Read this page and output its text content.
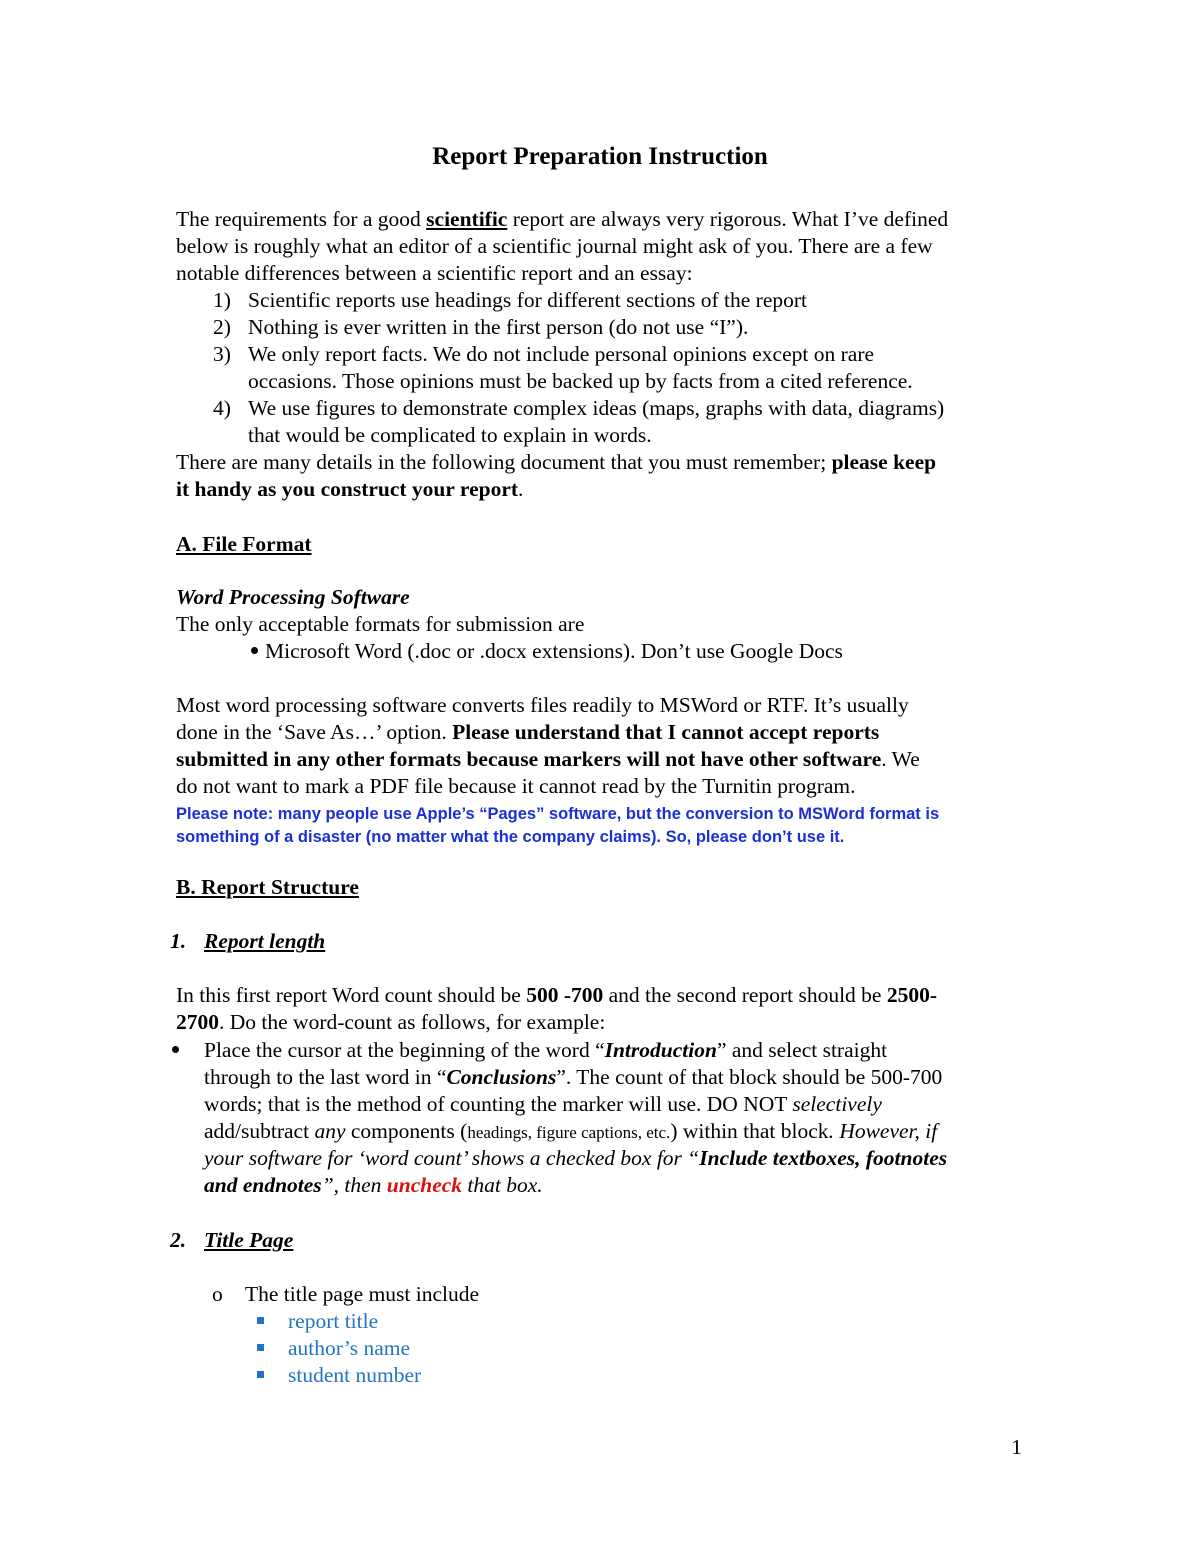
Report Preparation Instruction
The requirements for a good scientific report are always very rigorous. What I’ve defined
below is roughly what an editor of a scientific journal might ask of you. There are a few
notable differences between a scientific report and an essay:
1) Scientific reports use headings for different sections of the report
2) Nothing is ever written in the first person (do not use “I”).
3) We only report facts. We do not include personal opinions except on rare
occasions. Those opinions must be backed up by facts from a cited reference.
4) We use figures to demonstrate complex ideas (maps, graphs with data, diagrams)
that would be complicated to explain in words.
There are many details in the following document that you must remember; please keep
it handy as you construct your report.
A. File Format
Word Processing Software
The only acceptable formats for submission are
Microsoft Word (.doc or .docx extensions). Don’t use Google Docs
Most word processing software converts files readily to MSWord or RTF. It’s usually
done in the ‘Save As…’ option. Please understand that I cannot accept reports
submitted in any other formats because markers will not have other software. We
do not want to mark a PDF file because it cannot read by the Turnitin program.
Please note: many people use Apple’s “Pages” software, but the conversion to MSWord format is
something of a disaster (no matter what the company claims). So, please don’t use it.
B. Report Structure
1. Report length
In this first report Word count should be 500 -700 and the second report should be 2500-
2700. Do the word-count as follows, for example:
Place the cursor at the beginning of the word “Introduction” and select straight
through to the last word in “Conclusions”. The count of that block should be 500-700
words; that is the method of counting the marker will use. DO NOT selectively
add/subtract any components (headings, figure captions, etc.) within that block. However, if
your software for ‘word count’ shows a checked box for “Include textboxes, footnotes
and endnotes”, then uncheck that box.
2. Title Page
o The title page must include
report title
author’s name
student number
1
